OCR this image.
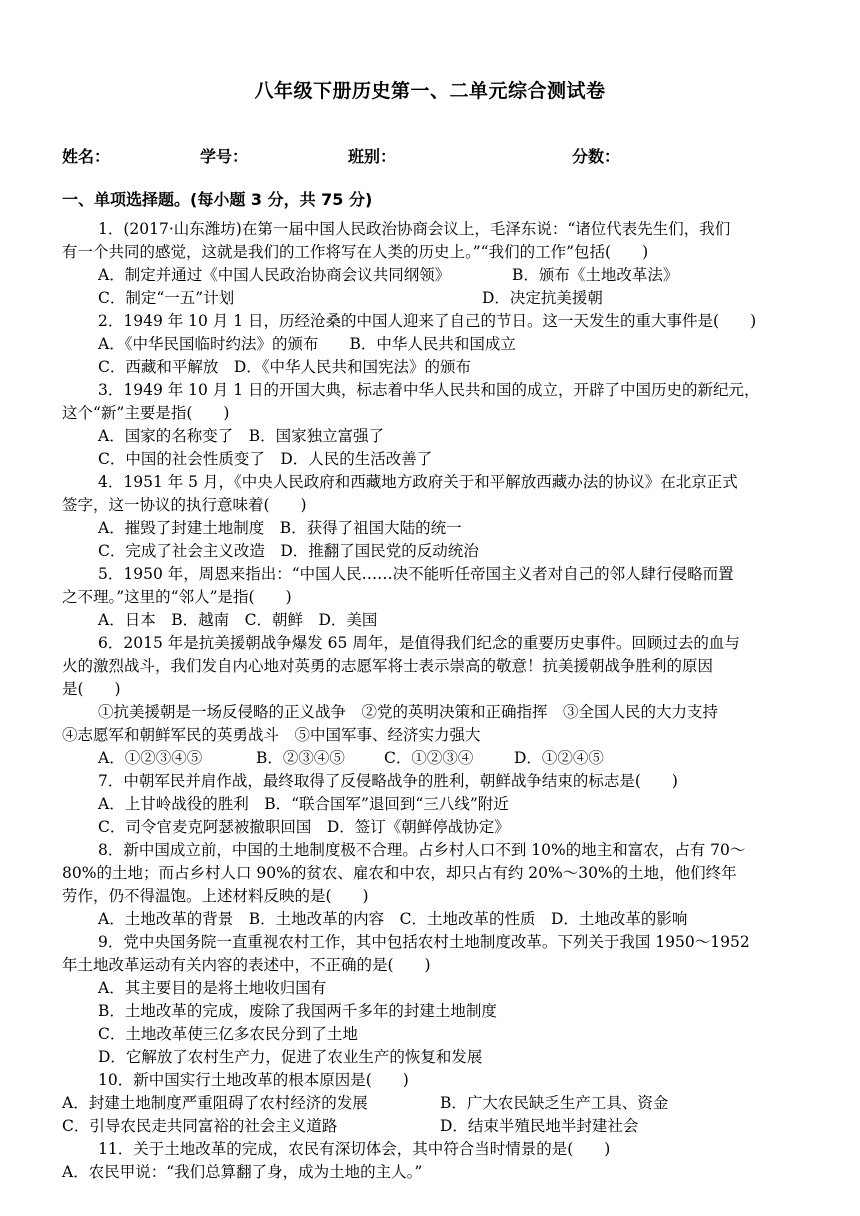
八年级下册历史第一、二单元综合测试卷
姓名：	学号：	班别：	分数：
一、单项选择题。(每小题 3 分，共 75 分)
1．(2017·山东潍坊)在第一届中国人民政治协商会议上，毛泽东说：“诸位代表先生们，我们
有一个共同的感觉，这就是我们的工作将写在人类的历史上。”“我们的工作”包括(　　)
A．制定并通过《中国人民政治协商会议共同纲领》	B．颁布《土地改革法》
C．制定“一五”计划	D．决定抗美援朝
2．1949 年 10 月 1 日，历经沧桑的中国人迎来了自己的节日。这一天发生的重大事件是(　　)
A．《中华民国临时约法》的颁布　　B．中华人民共和国成立
C．西藏和平解放　D．《中华人民共和国宪法》的颁布
3．1949 年 10 月 1 日的开国大典，标志着中华人民共和国的成立，开辟了中国历史的新纪元，
这个“新”主要是指(　　)
A．国家的名称变了　B．国家独立富强了
C．中国的社会性质变了　D．人民的生活改善了
4．1951 年 5 月，《中央人民政府和西藏地方政府关于和平解放西藏办法的协议》在北京正式
签字，这一协议的执行意味着(　　)
A．摧毁了封建土地制度　B．获得了祖国大陆的统一
C．完成了社会主义改造　D．推翻了国民党的反动统治
5．1950 年，周恩来指出：“中国人民……决不能听任帝国主义者对自己的邻人肆行侵略而置
之不理。”这里的“邻人”是指(　　)
A．日本　B．越南　C．朝鲜　D．美国
6．2015 年是抗美援朝战争爆发 65 周年，是值得我们纪念的重要历史事件。回顾过去的血与
火的激烈战斗，我们发自内心地对英勇的志愿军将士表示崇高的敬意！抗美援朝战争胜利的原因
是(　　)
①抗美援朝是一场反侵略的正义战争　②党的英明决策和正确指挥　③全国人民的大力支持
④志愿军和朝鲜军民的英勇战斗　⑤中国军事、经济实力强大
A．①②③④⑤	B．②③④⑤	C．①②③④	D．①②④⑤
7．中朝军民并肩作战，最终取得了反侵略战争的胜利，朝鲜战争结束的标志是(　　)
A．上甘岭战役的胜利　B．“联合国军”退回到“三八线”附近
C．司令官麦克阿瑟被撤职回国　D．签订《朝鲜停战协定》
8．新中国成立前，中国的土地制度极不合理。占乡村人口不到 10%的地主和富农，占有 70～
80%的土地；而占乡村人口 90%的贫农、雇农和中农，却只占有约 20%～30%的土地，他们终年
劳作，仍不得温饱。上述材料反映的是(　　)
A．土地改革的背景　B．土地改革的内容　C．土地改革的性质　D．土地改革的影响
9．党中央国务院一直重视农村工作，其中包括农村土地制度改革。下列关于我国 1950～1952
年土地改革运动有关内容的表述中，不正确的是(　　)
A．其主要目的是将土地收归国有
B．土地改革的完成，废除了我国两千多年的封建土地制度
C．土地改革使三亿多农民分到了土地
D．它解放了农村生产力，促进了农业生产的恢复和发展
10．新中国实行土地改革的根本原因是(　　)
A．封建土地制度严重阻碍了农村经济的发展	B．广大农民缺乏生产工具、资金
C．引导农民走共同富裕的社会主义道路	D．结束半殖民地半封建社会
11．关于土地改革的完成，农民有深切体会，其中符合当时情景的是(　　)
A．农民甲说：“我们总算翻了身，成为土地的主人。”
